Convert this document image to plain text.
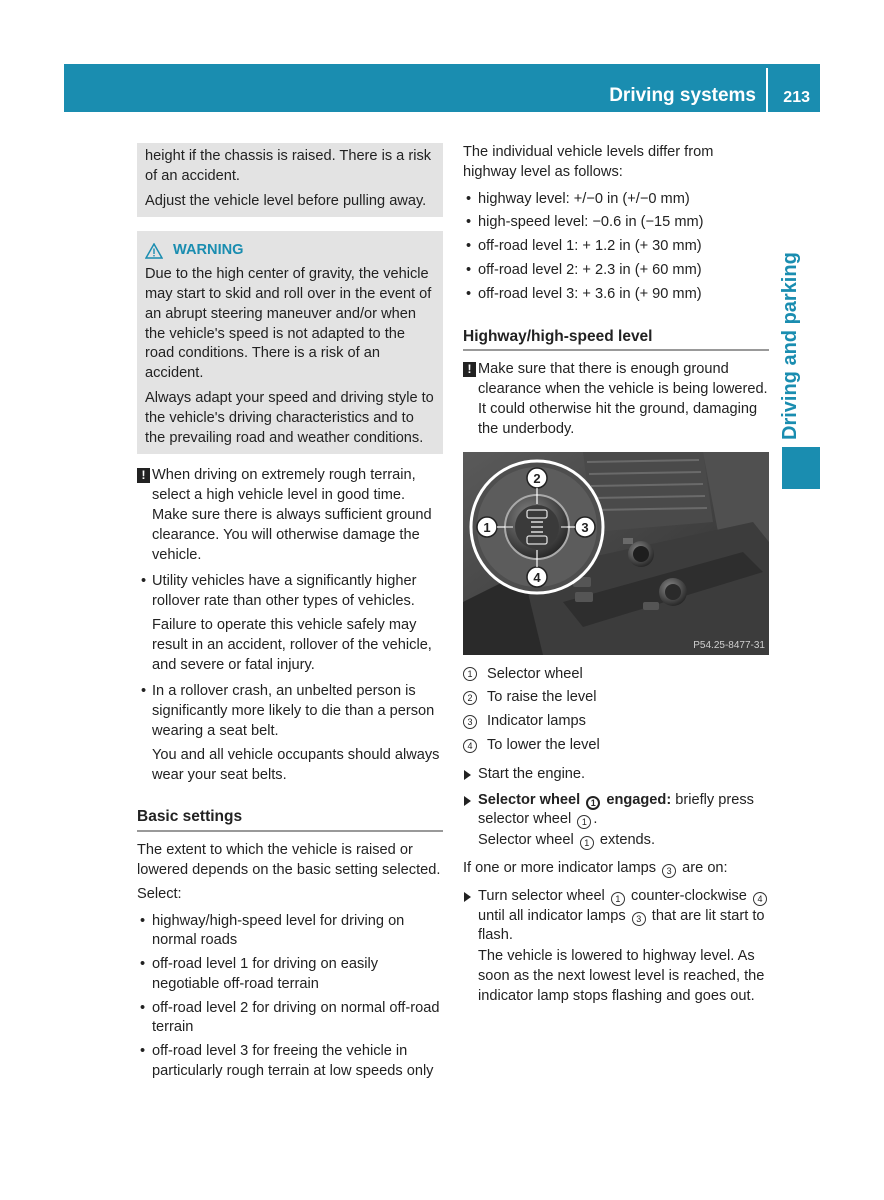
Driving systems 213
Driving and parking

height if the chassis is raised. There is a risk of an accident.

Adjust the vehicle level before pulling away.

WARNING

Due to the high center of gravity, the vehicle may start to skid and roll over in the event of an abrupt steering maneuver and/or when the vehicle's speed is not adapted to the road conditions. There is a risk of an accident.

Always adapt your speed and driving style to the vehicle's driving characteristics and to the prevailing road and weather conditions.

! When driving on extremely rough terrain, select a high vehicle level in good time. Make sure there is always sufficient ground clearance. You will otherwise damage the vehicle.

• Utility vehicles have a significantly higher rollover rate than other types of vehicles.

Failure to operate this vehicle safely may result in an accident, rollover of the vehicle, and severe or fatal injury.

• In a rollover crash, an unbelted person is significantly more likely to die than a person wearing a seat belt.

You and all vehicle occupants should always wear your seat belts.

Basic settings

The extent to which the vehicle is raised or lowered depends on the basic setting selected.

Select:

• highway/high-speed level for driving on normal roads
• off-road level 1 for driving on easily negotiable off-road terrain
• off-road level 2 for driving on normal off-road terrain
• off-road level 3 for freeing the vehicle in particularly rough terrain at low speeds only

The individual vehicle levels differ from highway level as follows:

• highway level: +/−0 in (+/−0 mm)
• high-speed level: −0.6 in (−15 mm)
• off-road level 1: + 1.2 in (+ 30 mm)
• off-road level 2: + 2.3 in (+ 60 mm)
• off-road level 3: + 3.6 in (+ 90 mm)
Highway/high-speed level
! Make sure that there is enough ground clearance when the vehicle is being lowered. It could otherwise hit the ground, damaging the underbody.
2
1	3
4
P54.25-8477-31
1 Selector wheel
2 To raise the level
3 Indicator lamps
4 To lower the level
Start the engine.
Selector wheel 1 engaged: briefly press selector wheel 1 .
Selector wheel 1 extends.

If one or more indicator lamps 3 are on:

Turn selector wheel 1 counter-clockwise 4 until all indicator lamps 3 that are lit start to flash.
The vehicle is lowered to highway level. As soon as the next lowest level is reached, the indicator lamp stops flashing and goes out.
